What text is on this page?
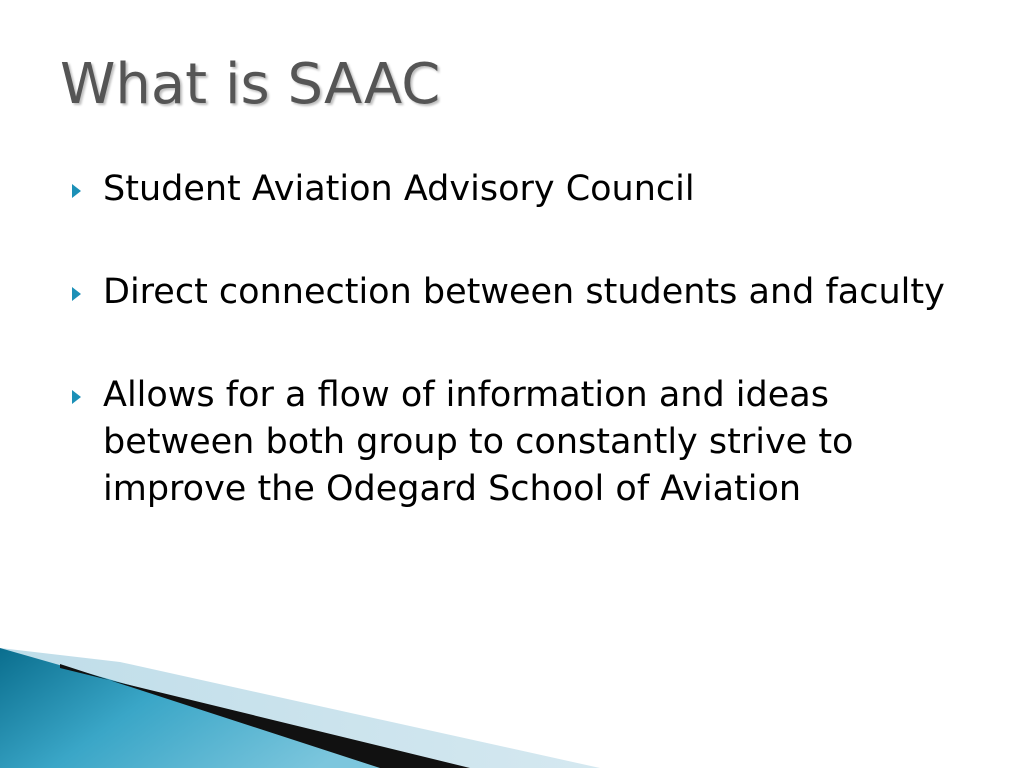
What is SAAC
Student Aviation Advisory Council
Direct connection between students and faculty
Allows for a flow of information and ideas between both group to constantly strive to improve the Odegard School of Aviation
